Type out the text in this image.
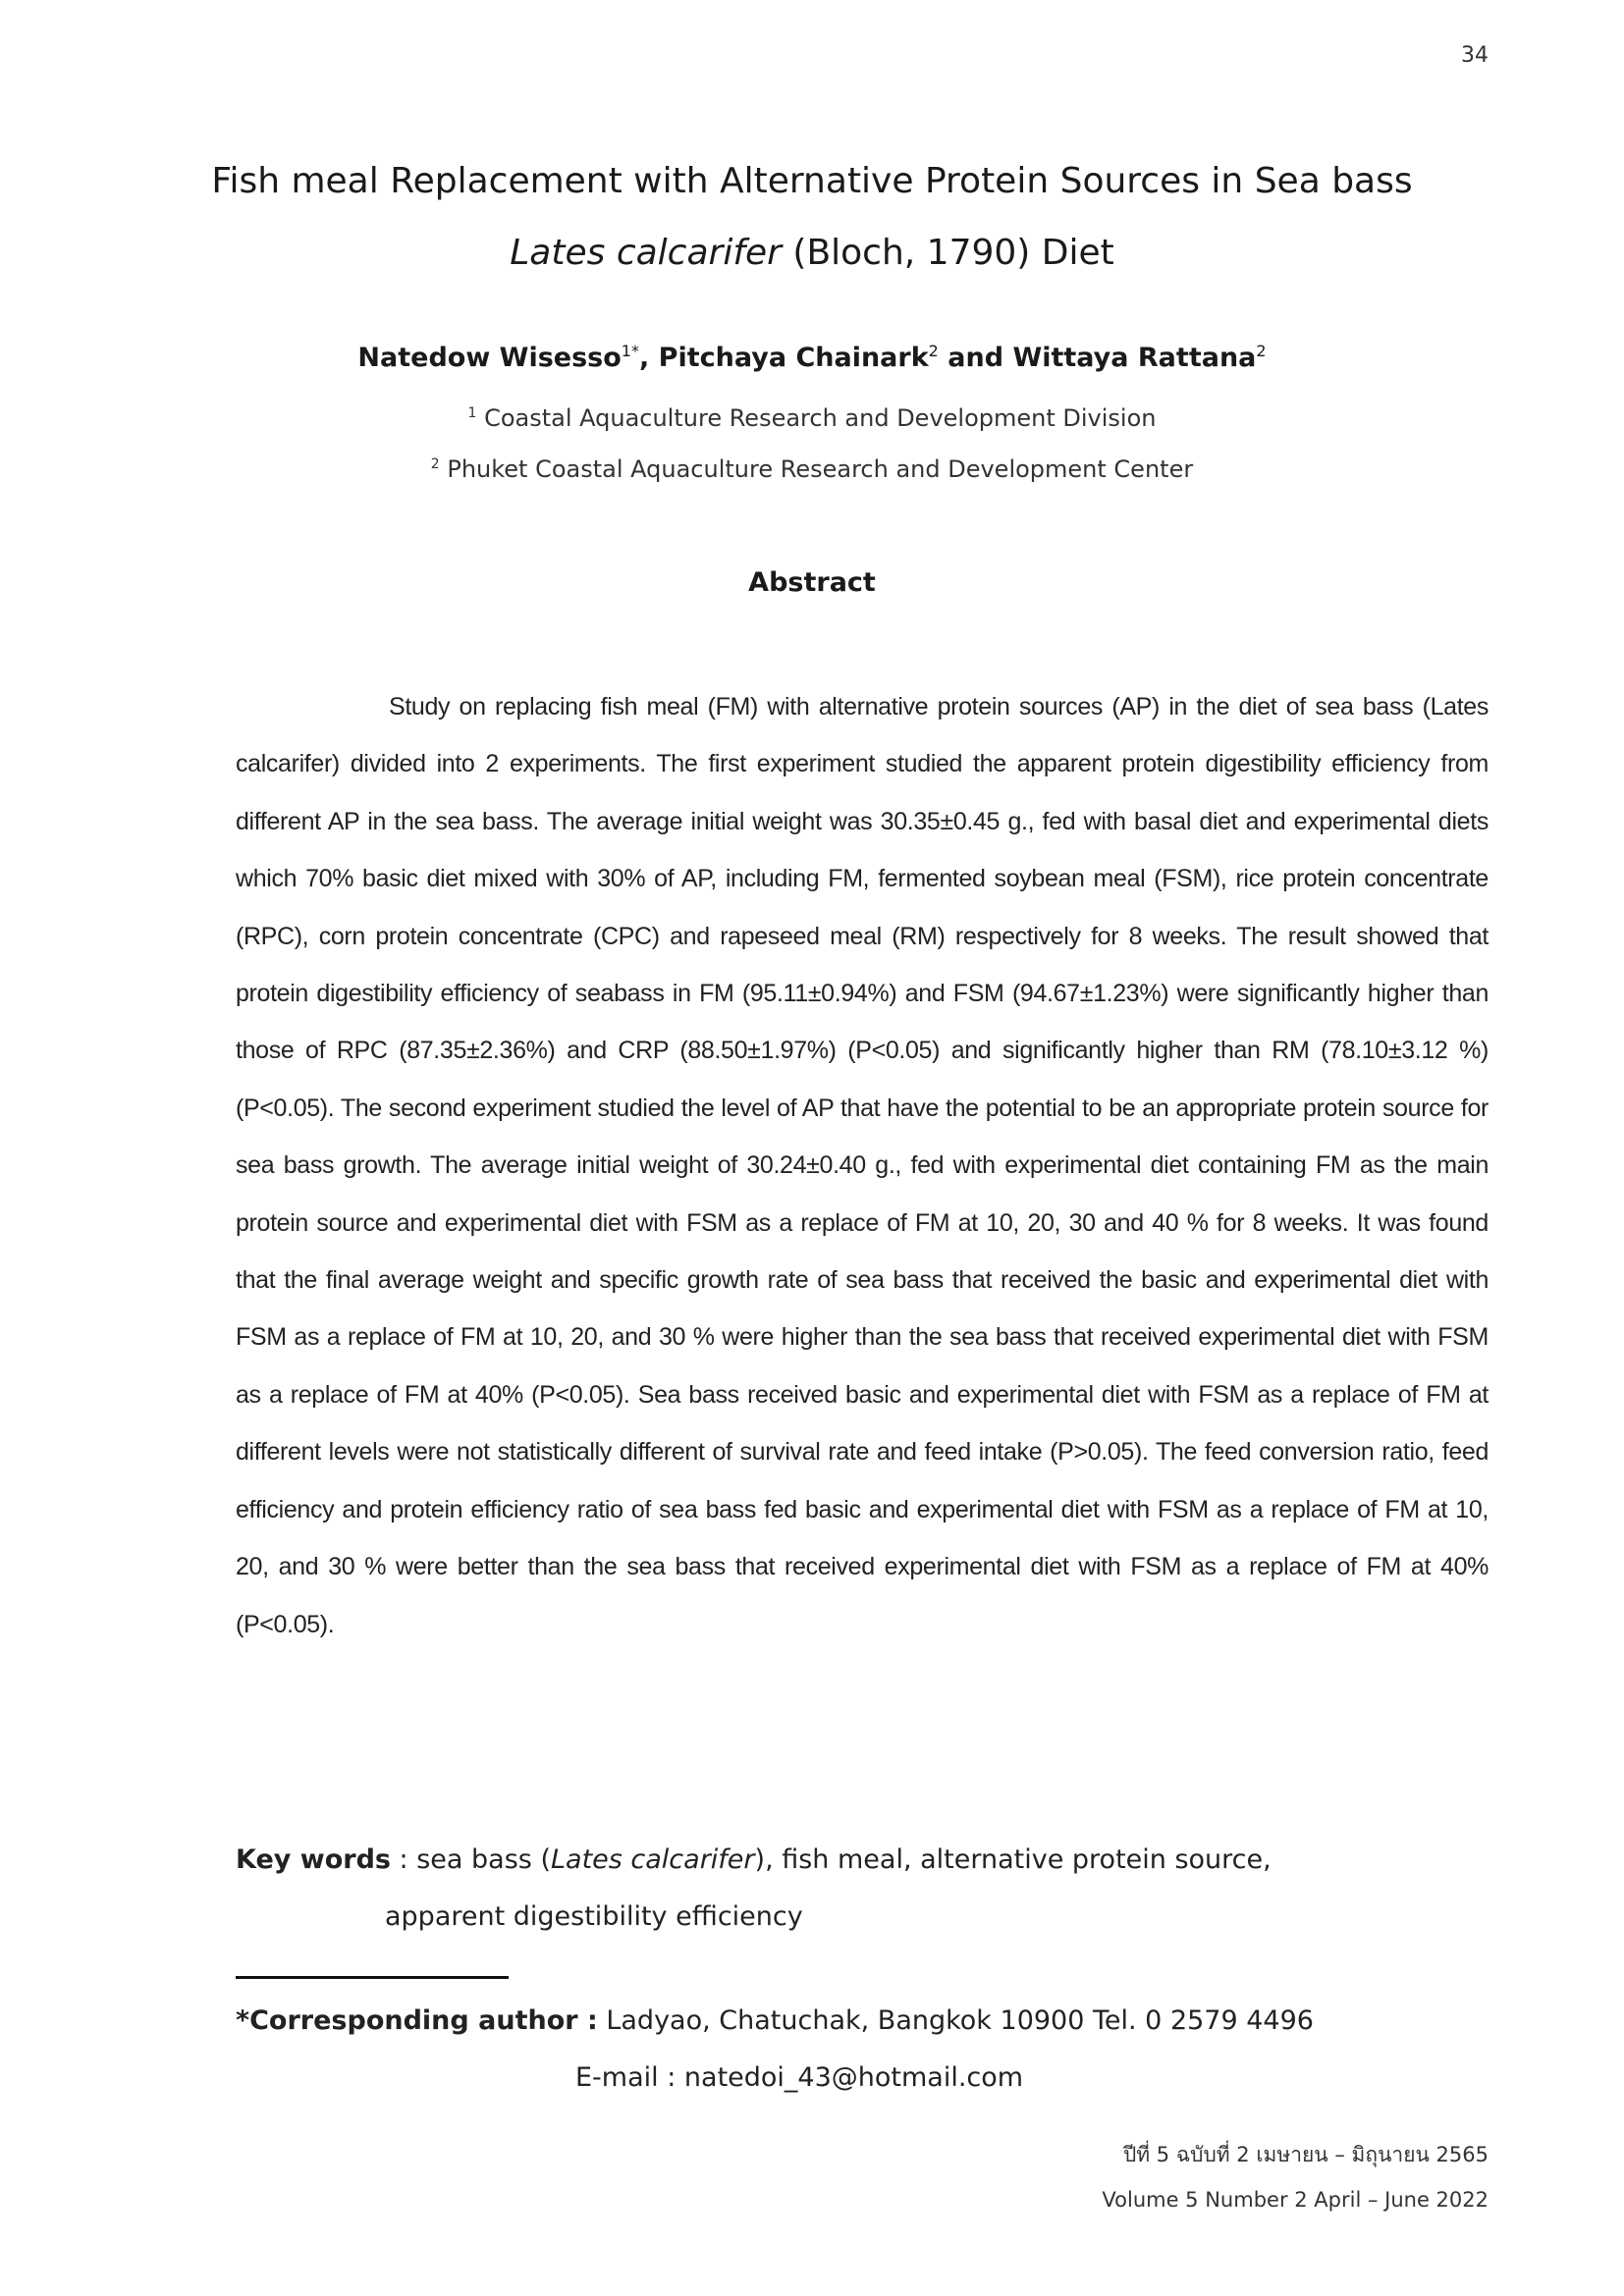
34
Fish meal Replacement with Alternative Protein Sources in Sea bass
Lates calcarifer (Bloch, 1790) Diet
Natedow Wisesso$^{1*}$, Pitchaya Chainark$^2$ and Wittaya Rattana$^2$
$^1$ Coastal Aquaculture Research and Development Division
$^2$ Phuket Coastal Aquaculture Research and Development Center
Abstract

Study on replacing fish meal (FM) with alternative protein sources (AP) in the diet of sea bass (Lates calcarifer) divided into 2 experiments. The first experiment studied the apparent protein digestibility efficiency from different AP in the sea bass. The average initial weight was 30.35±0.45 g., fed with basal diet and experimental diets which 70% basic diet mixed with 30% of AP, including FM, fermented soybean meal (FSM), rice protein concentrate (RPC), corn protein concentrate (CPC) and rapeseed meal (RM) respectively for 8 weeks. The result showed that protein digestibility efficiency of seabass in FM (95.11±0.94%) and FSM (94.67±1.23%) were significantly higher than those of RPC (87.35±2.36%) and CRP (88.50±1.97%) (P<0.05) and significantly higher than RM (78.10±3.12 %) (P<0.05). The second experiment studied the level of AP that have the potential to be an appropriate protein source for sea bass growth. The average initial weight of 30.24±0.40 g., fed with experimental diet containing FM as the main protein source and experimental diet with FSM as a replace of FM at 10, 20, 30 and 40 % for 8 weeks. It was found that the final average weight and specific growth rate of sea bass that received the basic and experimental diet with FSM as a replace of FM at 10, 20, and 30 % were higher than the sea bass that received experimental diet with FSM as a replace of FM at 40% (P<0.05). Sea bass received basic and experimental diet with FSM as a replace of FM at different levels were not statistically different of survival rate and feed intake (P>0.05). The feed conversion ratio, feed efficiency and protein efficiency ratio of sea bass fed basic and experimental diet with FSM as a replace of FM at 10, 20, and 30 % were better than the sea bass that received experimental diet with FSM as a replace of FM at 40% (P<0.05).

Key words : sea bass (Lates calcarifer), fish meal, alternative protein source,
apparent digestibility efficiency
*Corresponding author : Ladyao, Chatuchak, Bangkok 10900 Tel. 0 2579 4496
E-mail : natedoi_43@hotmail.com
ปีที่ 5 ฉบับที่ 2 เมษายน – มิถุนายน 2565
Volume 5 Number 2 April – June 2022
